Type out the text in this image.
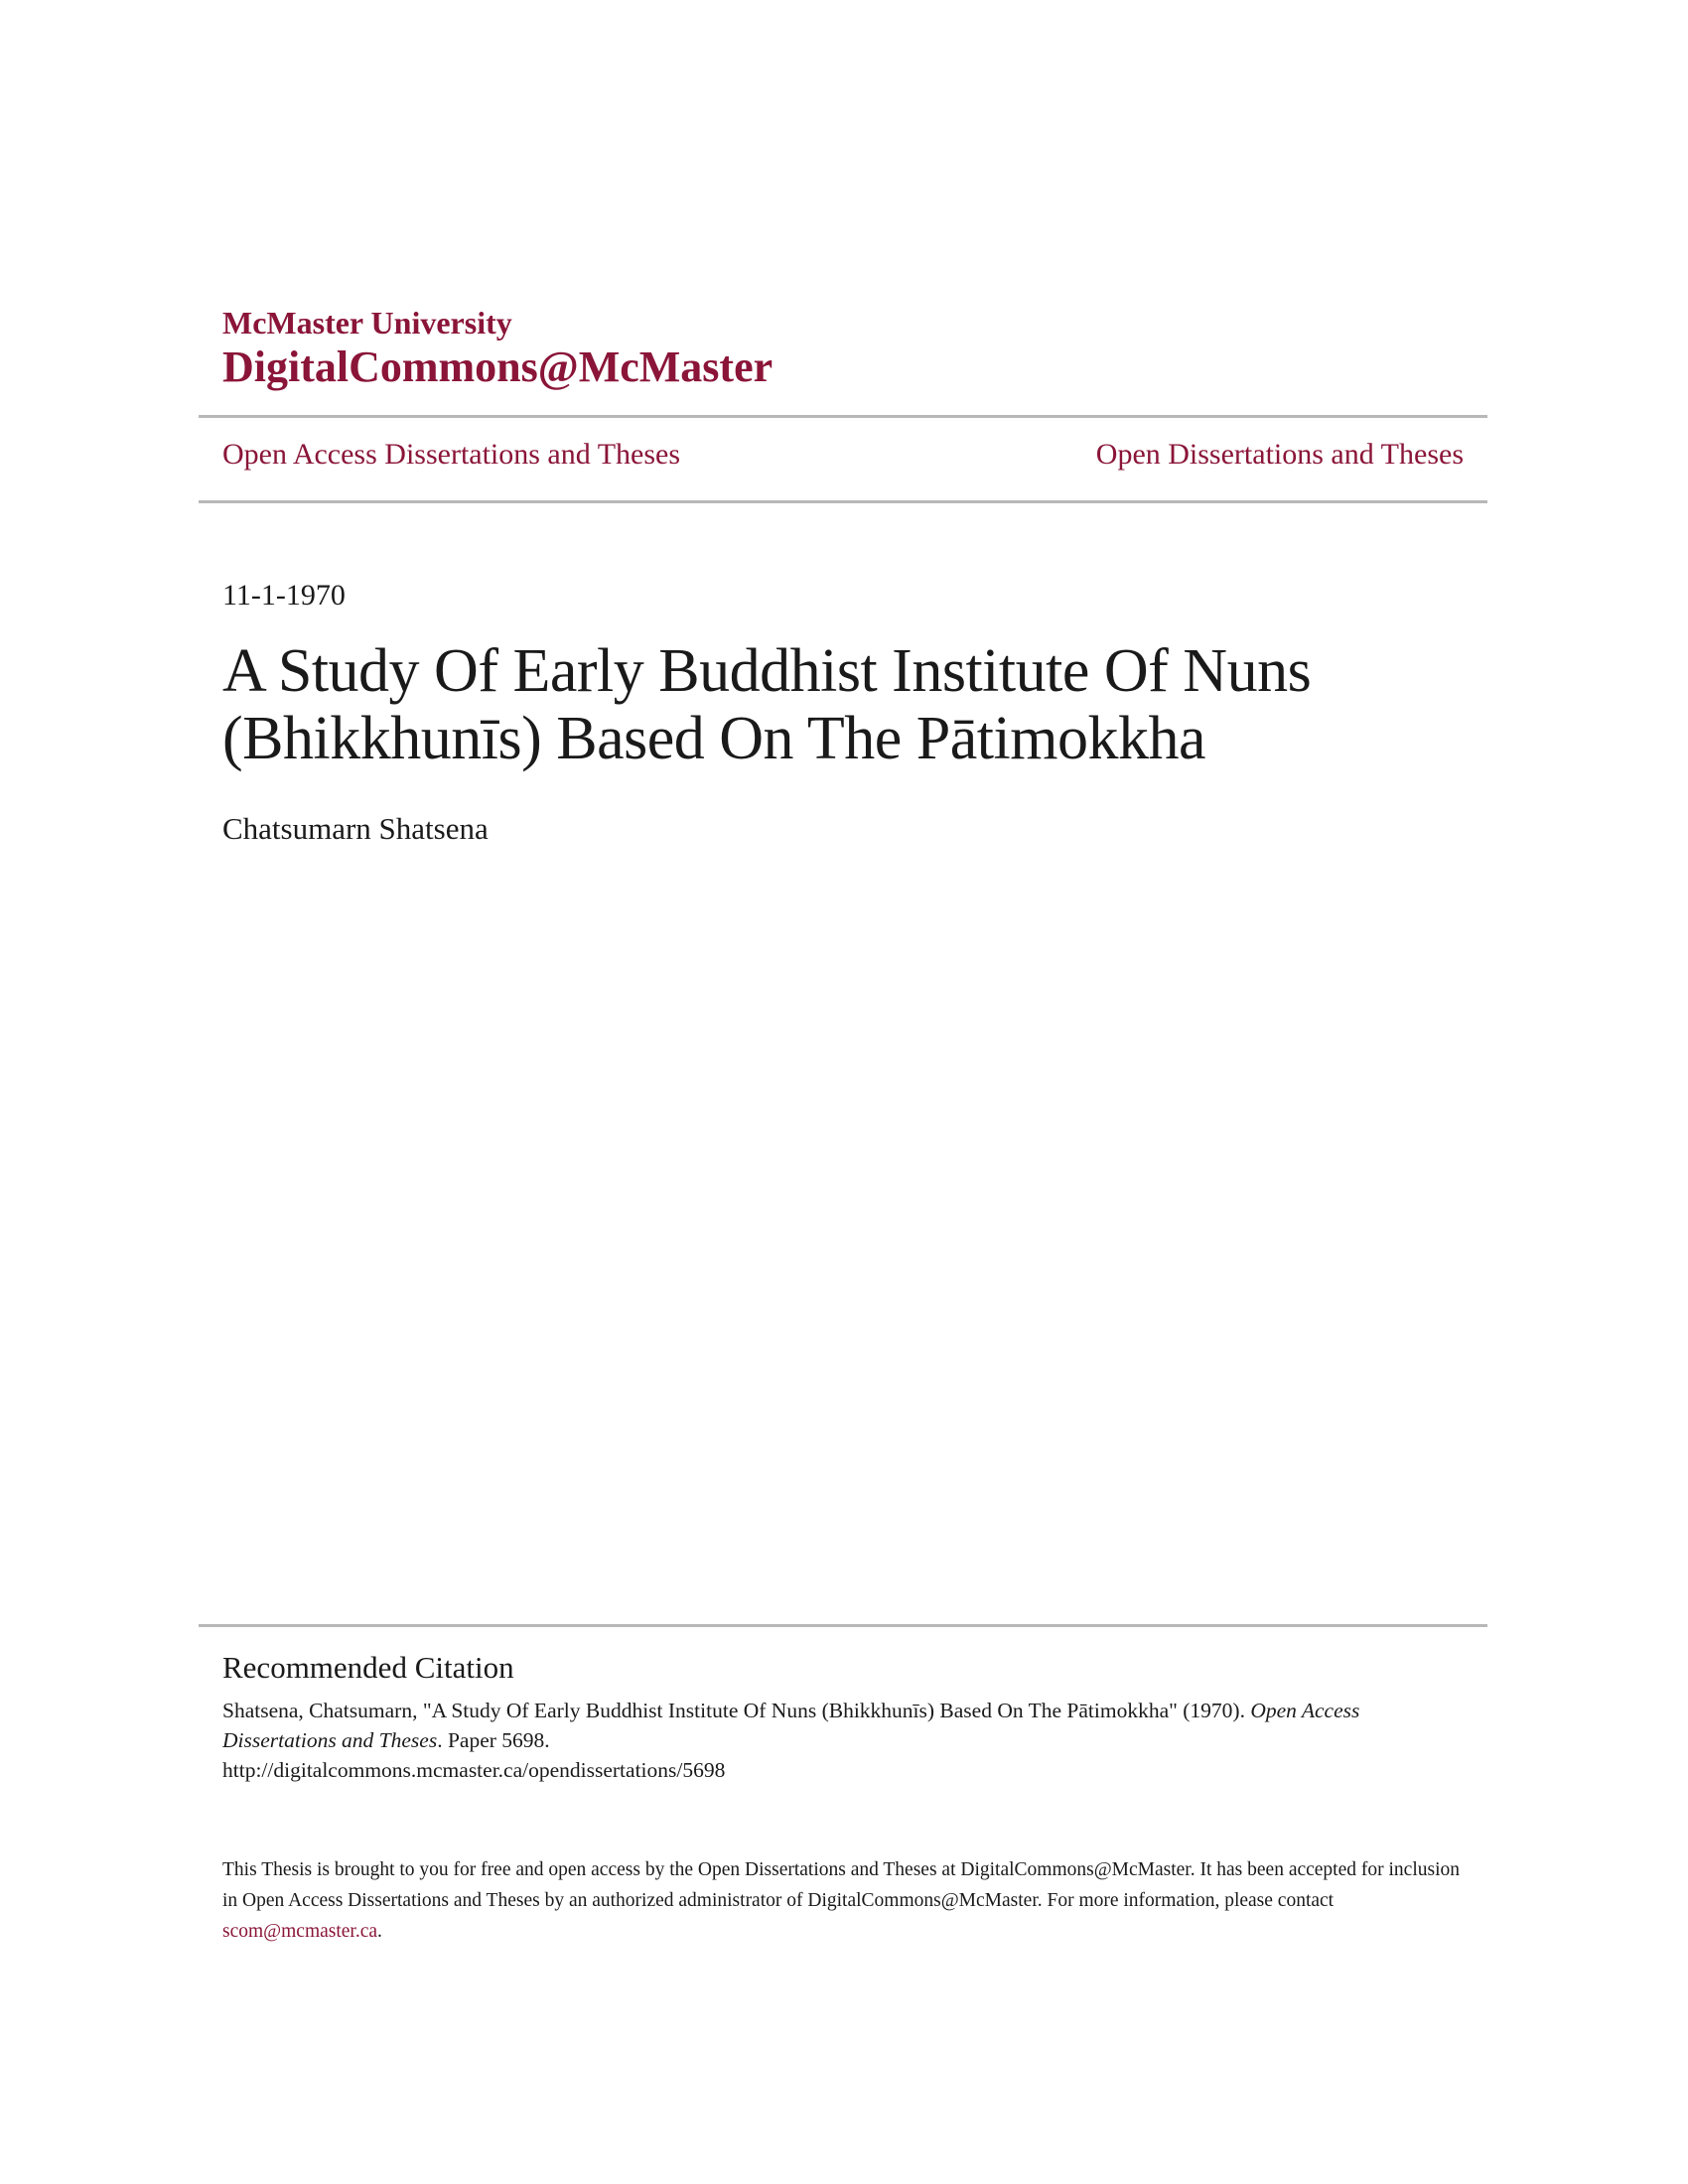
McMaster University

DigitalCommons@McMaster

Open Access Dissertations and Theses	Open Dissertations and Theses
11-1-1970
A Study Of Early Buddhist Institute Of Nuns
(Bhikkhunīs) Based On The Pātimokkha
Chatsumarn Shatsena
Recommended Citation
Shatsena, Chatsumarn, "A Study Of Early Buddhist Institute Of Nuns (Bhikkhunīs) Based On The Pātimokkha" (1970). Open Access Dissertations and Theses. Paper 5698.
http://digitalcommons.mcmaster.ca/opendissertations/5698
This Thesis is brought to you for free and open access by the Open Dissertations and Theses at DigitalCommons@McMaster. It has been accepted for inclusion in Open Access Dissertations and Theses by an authorized administrator of DigitalCommons@McMaster. For more information, please contact scom@mcmaster.ca.
